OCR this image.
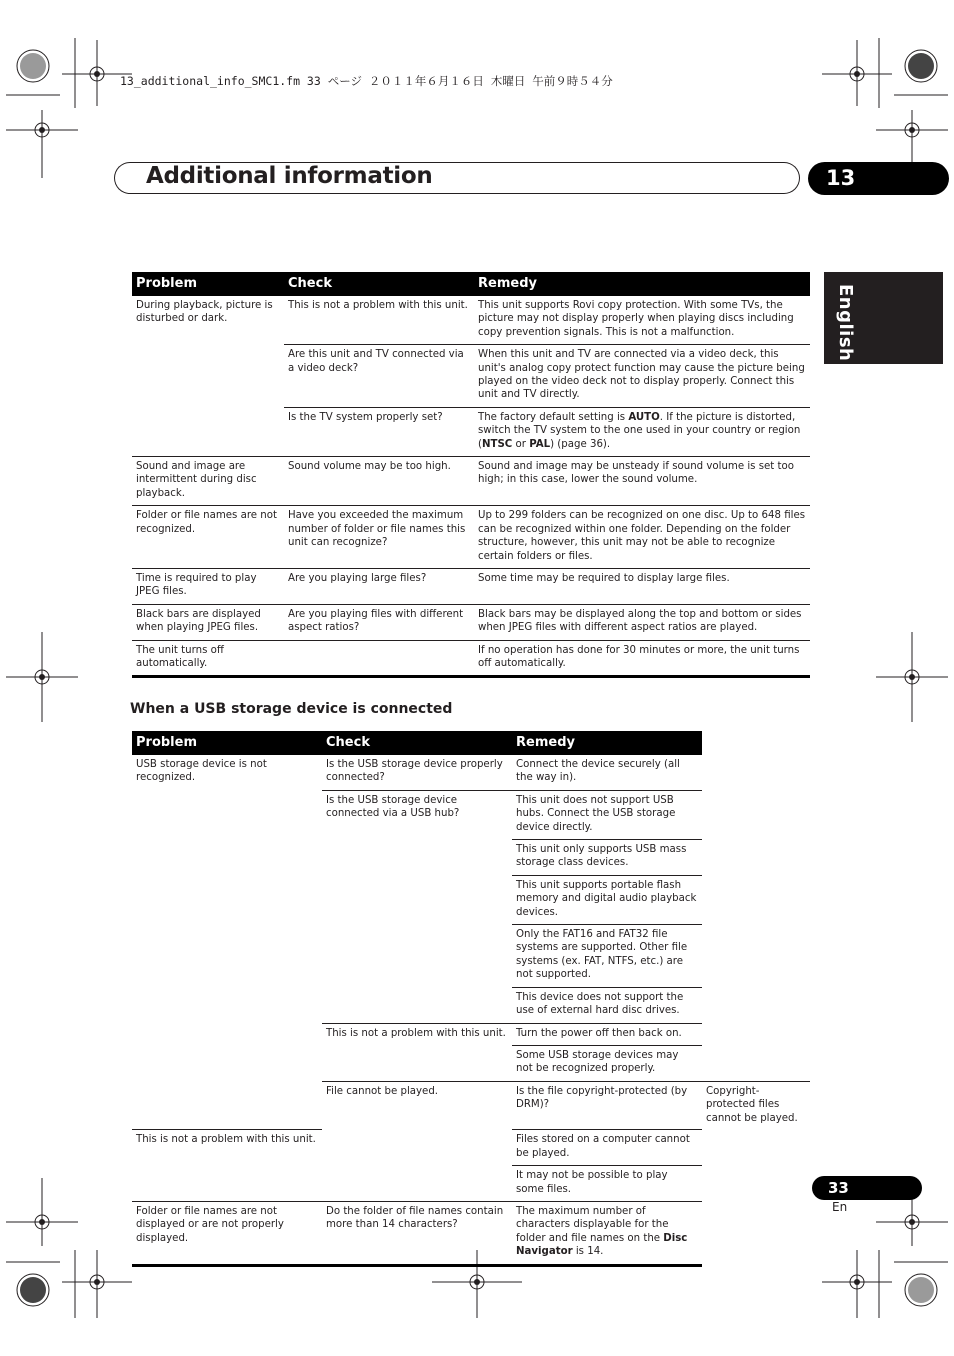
13_additional_info_SMC1.fm 33 ページ ２０１１年６月１６日 木曜日 午前９時５４分
Additional information	13
English
Problem	Check	Remedy
During playback, picture is disturbed or dark.	This is not a problem with this unit.	This unit supports Rovi copy protection. With some TVs, the picture may not display properly when playing discs including copy prevention signals. This is not a malfunction.
	Are this unit and TV connected via a video deck?	When this unit and TV are connected via a video deck, this unit's analog copy protect function may cause the picture being played on the video deck not to display properly. Connect this unit and TV directly.
	Is the TV system properly set?	The factory default setting is AUTO. If the picture is distorted, switch the TV system to the one used in your country or region (NTSC or PAL) (page 36).
Sound and image are intermittent during disc playback.	Sound volume may be too high.	Sound and image may be unsteady if sound volume is set too high; in this case, lower the sound volume.
Folder or file names are not recognized.	Have you exceeded the maximum number of folder or file names this unit can recognize?	Up to 299 folders can be recognized on one disc. Up to 648 files can be recognized within one folder. Depending on the folder structure, however, this unit may not be able to recognize certain folders or files.
Time is required to play JPEG files.	Are you playing large files?	Some time may be required to display large files.
Black bars are displayed when playing JPEG files.	Are you playing files with different aspect ratios?	Black bars may be displayed along the top and bottom or sides when JPEG files with different aspect ratios are played.
The unit turns off automatically.		If no operation has done for 30 minutes or more, the unit turns off automatically.
When a USB storage device is connected
Problem	Check	Remedy	
USB storage device is not recognized.	Is the USB storage device properly connected?	Connect the device securely (all the way in).	
	Is the USB storage device connected via a USB hub?	This unit does not support USB hubs. Connect the USB storage device directly.	
		This unit only supports USB mass storage class devices.	
		This unit supports portable flash memory and digital audio playback devices.	
		Only the FAT16 and FAT32 file systems are supported. Other file systems (ex. FAT, NTFS, etc.) are not supported.	
		This device does not support the use of external hard disc drives.	
	This is not a problem with this unit.	Turn the power off then back on.	
		Some USB storage devices may not be recognized properly.	
	File cannot be played.	Is the file copyright-protected (by DRM)?	Copyright-protected files cannot be played.
This is not a problem with this unit.		Files stored on a computer cannot be played.	
		It may not be possible to play some files.	
Folder or file names are not displayed or are not properly displayed.	Do the folder of file names contain more than 14 characters?	The maximum number of characters displayable for the folder and file names on the Disc Navigator is 14.	
33
En
